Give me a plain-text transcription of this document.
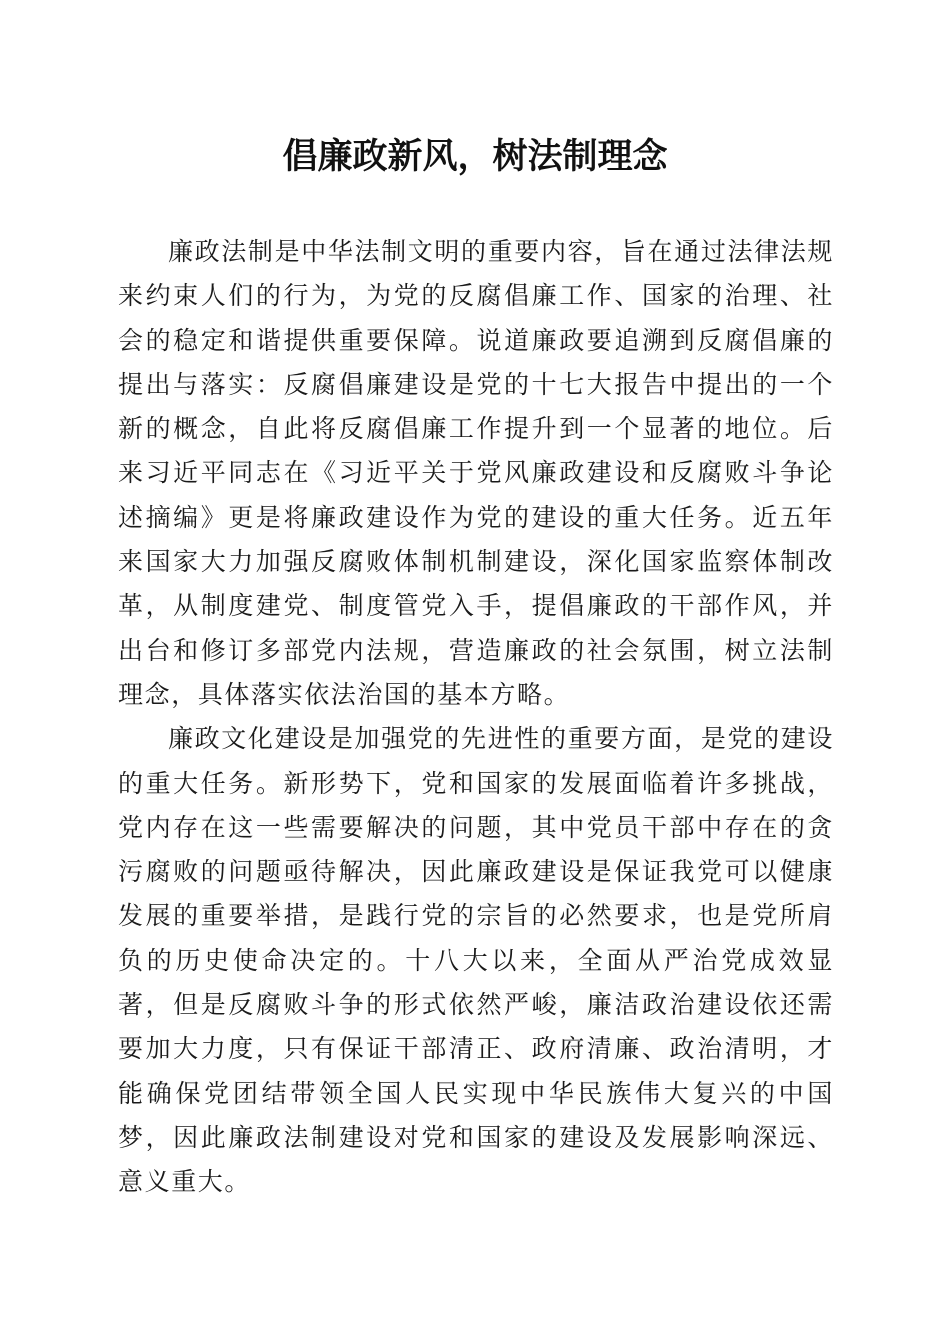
倡廉政新风，树法制理念

廉政法制是中华法制文明的重要内容，旨在通过法律法规来约束人们的行为，为党的反腐倡廉工作、国家的治理、社会的稳定和谐提供重要保障。说道廉政要追溯到反腐倡廉的提出与落实：反腐倡廉建设是党的十七大报告中提出的一个新的概念，自此将反腐倡廉工作提升到一个显著的地位。后来习近平同志在《习近平关于党风廉政建设和反腐败斗争论述摘编》更是将廉政建设作为党的建设的重大任务。近五年来国家大力加强反腐败体制机制建设，深化国家监察体制改革，从制度建党、制度管党入手，提倡廉政的干部作风，并出台和修订多部党内法规，营造廉政的社会氛围，树立法制理念，具体落实依法治国的基本方略。

廉政文化建设是加强党的先进性的重要方面，是党的建设的重大任务。新形势下，党和国家的发展面临着许多挑战，党内存在这一些需要解决的问题，其中党员干部中存在的贪污腐败的问题亟待解决，因此廉政建设是保证我党可以健康发展的重要举措，是践行党的宗旨的必然要求，也是党所肩负的历史使命决定的。十八大以来，全面从严治党成效显著，但是反腐败斗争的形式依然严峻，廉洁政治建设依还需要加大力度，只有保证干部清正、政府清廉、政治清明，才能确保党团结带领全国人民实现中华民族伟大复兴的中国梦，因此廉政法制建设对党和国家的建设及发展影响深远、意义重大。
